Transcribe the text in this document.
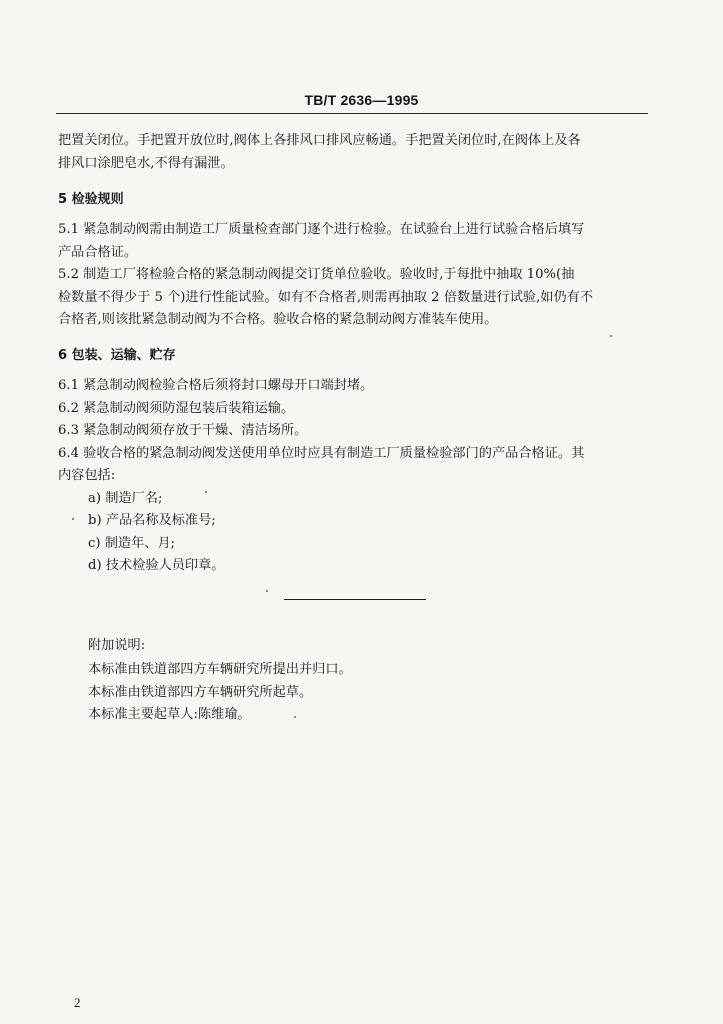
TB/T 2636—1995
把置关闭位。手把置开放位时,阀体上各排风口排风应畅通。手把置关闭位时,在阀体上及各
排风口涂肥皂水,不得有漏泄。
5 检验规则
5.1 紧急制动阀需由制造工厂质量检查部门逐个进行检验。在试验台上进行试验合格后填写
产品合格证。
5.2 制造工厂将检验合格的紧急制动阀提交订货单位验收。验收时,于每批中抽取 10%(抽
检数量不得少于 5 个)进行性能试验。如有不合格者,则需再抽取 2 倍数量进行试验,如仍有不
合格者,则该批紧急制动阀为不合格。验收合格的紧急制动阀方准装车使用。
6 包装、运输、贮存
6.1 紧急制动阀检验合格后须将封口螺母开口端封堵。
6.2 紧急制动阀须防湿包装后装箱运输。
6.3 紧急制动阀须存放于干燥、清洁场所。
6.4 验收合格的紧急制动阀发送使用单位时应具有制造工厂质量检验部门的产品合格证。其
内容包括:
a) 制造厂名;
b) 产品名称及标准号;
c) 制造年、月;
d) 技术检验人员印章。
附加说明:
本标准由铁道部四方车辆研究所提出并归口。
本标准由铁道部四方车辆研究所起草。
本标准主要起草人:陈维瑜。
2
